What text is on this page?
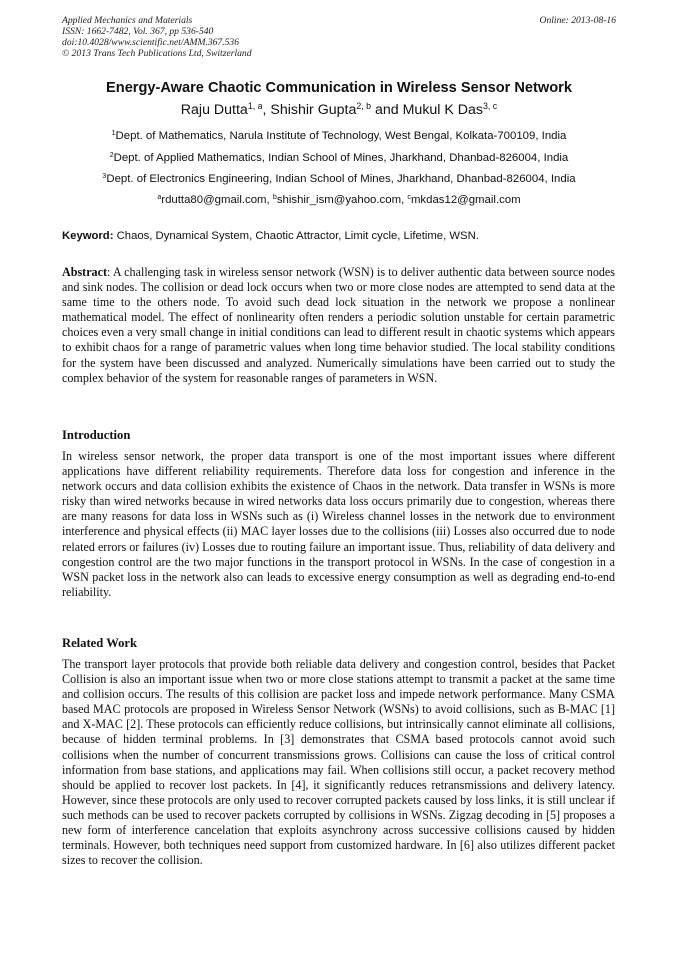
Applied Mechanics and Materials
ISSN: 1662-7482, Vol. 367, pp 536-540
doi:10.4028/www.scientific.net/AMM.367.536
© 2013 Trans Tech Publications Ltd, Switzerland
Online: 2013-08-16
Energy-Aware Chaotic Communication in Wireless Sensor Network
Raju Dutta$^{1, a}$, Shishir Gupta$^{2, b}$ and Mukul K Das$^{3, c}$
$^1$Dept. of Mathematics, Narula Institute of Technology, West Bengal, Kolkata-700109, India
$^2$Dept. of Applied Mathematics, Indian School of Mines, Jharkhand, Dhanbad-826004, India
$^3$Dept. of Electronics Engineering, Indian School of Mines, Jharkhand, Dhanbad-826004, India
$^a$rdutta80@gmail.com, $^b$shishir_ism@yahoo.com, $^c$mkdas12@gmail.com
Keyword: Chaos, Dynamical System, Chaotic Attractor, Limit cycle, Lifetime, WSN.
Abstract: A challenging task in wireless sensor network (WSN) is to deliver authentic data between source nodes and sink nodes. The collision or dead lock occurs when two or more close nodes are attempted to send data at the same time to the others node. To avoid such dead lock situation in the network we propose a nonlinear mathematical model. The effect of nonlinearity often renders a periodic solution unstable for certain parametric choices even a very small change in initial conditions can lead to different result in chaotic systems which appears to exhibit chaos for a range of parametric values when long time behavior studied. The local stability conditions for the system have been discussed and analyzed. Numerically simulations have been carried out to study the complex behavior of the system for reasonable ranges of parameters in WSN.
Introduction
In wireless sensor network, the proper data transport is one of the most important issues where different applications have different reliability requirements. Therefore data loss for congestion and inference in the network occurs and data collision exhibits the existence of Chaos in the network. Data transfer in WSNs is more risky than wired networks because in wired networks data loss occurs primarily due to congestion, whereas there are many reasons for data loss in WSNs such as (i) Wireless channel losses in the network due to environment interference and physical effects (ii) MAC layer losses due to the collisions (iii) Losses also occurred due to node related errors or failures (iv) Losses due to routing failure an important issue. Thus, reliability of data delivery and congestion control are the two major functions in the transport protocol in WSNs. In the case of congestion in a WSN packet loss in the network also can leads to excessive energy consumption as well as degrading end-to-end reliability.
Related Work
The transport layer protocols that provide both reliable data delivery and congestion control, besides that Packet Collision is also an important issue when two or more close stations attempt to transmit a packet at the same time and collision occurs. The results of this collision are packet loss and impede network performance. Many CSMA based MAC protocols are proposed in Wireless Sensor Network (WSNs) to avoid collisions, such as B-MAC [1] and X-MAC [2]. These protocols can efficiently reduce collisions, but intrinsically cannot eliminate all collisions, because of hidden terminal problems. In [3] demonstrates that CSMA based protocols cannot avoid such collisions when the number of concurrent transmissions grows. Collisions can cause the loss of critical control information from base stations, and applications may fail. When collisions still occur, a packet recovery method should be applied to recover lost packets. In [4], it significantly reduces retransmissions and delivery latency. However, since these protocols are only used to recover corrupted packets caused by loss links, it is still unclear if such methods can be used to recover packets corrupted by collisions in WSNs. Zigzag decoding in [5] proposes a new form of interference cancelation that exploits asynchrony across successive collisions caused by hidden terminals. However, both techniques need support from customized hardware. In [6] also utilizes different packet sizes to recover the collision.
